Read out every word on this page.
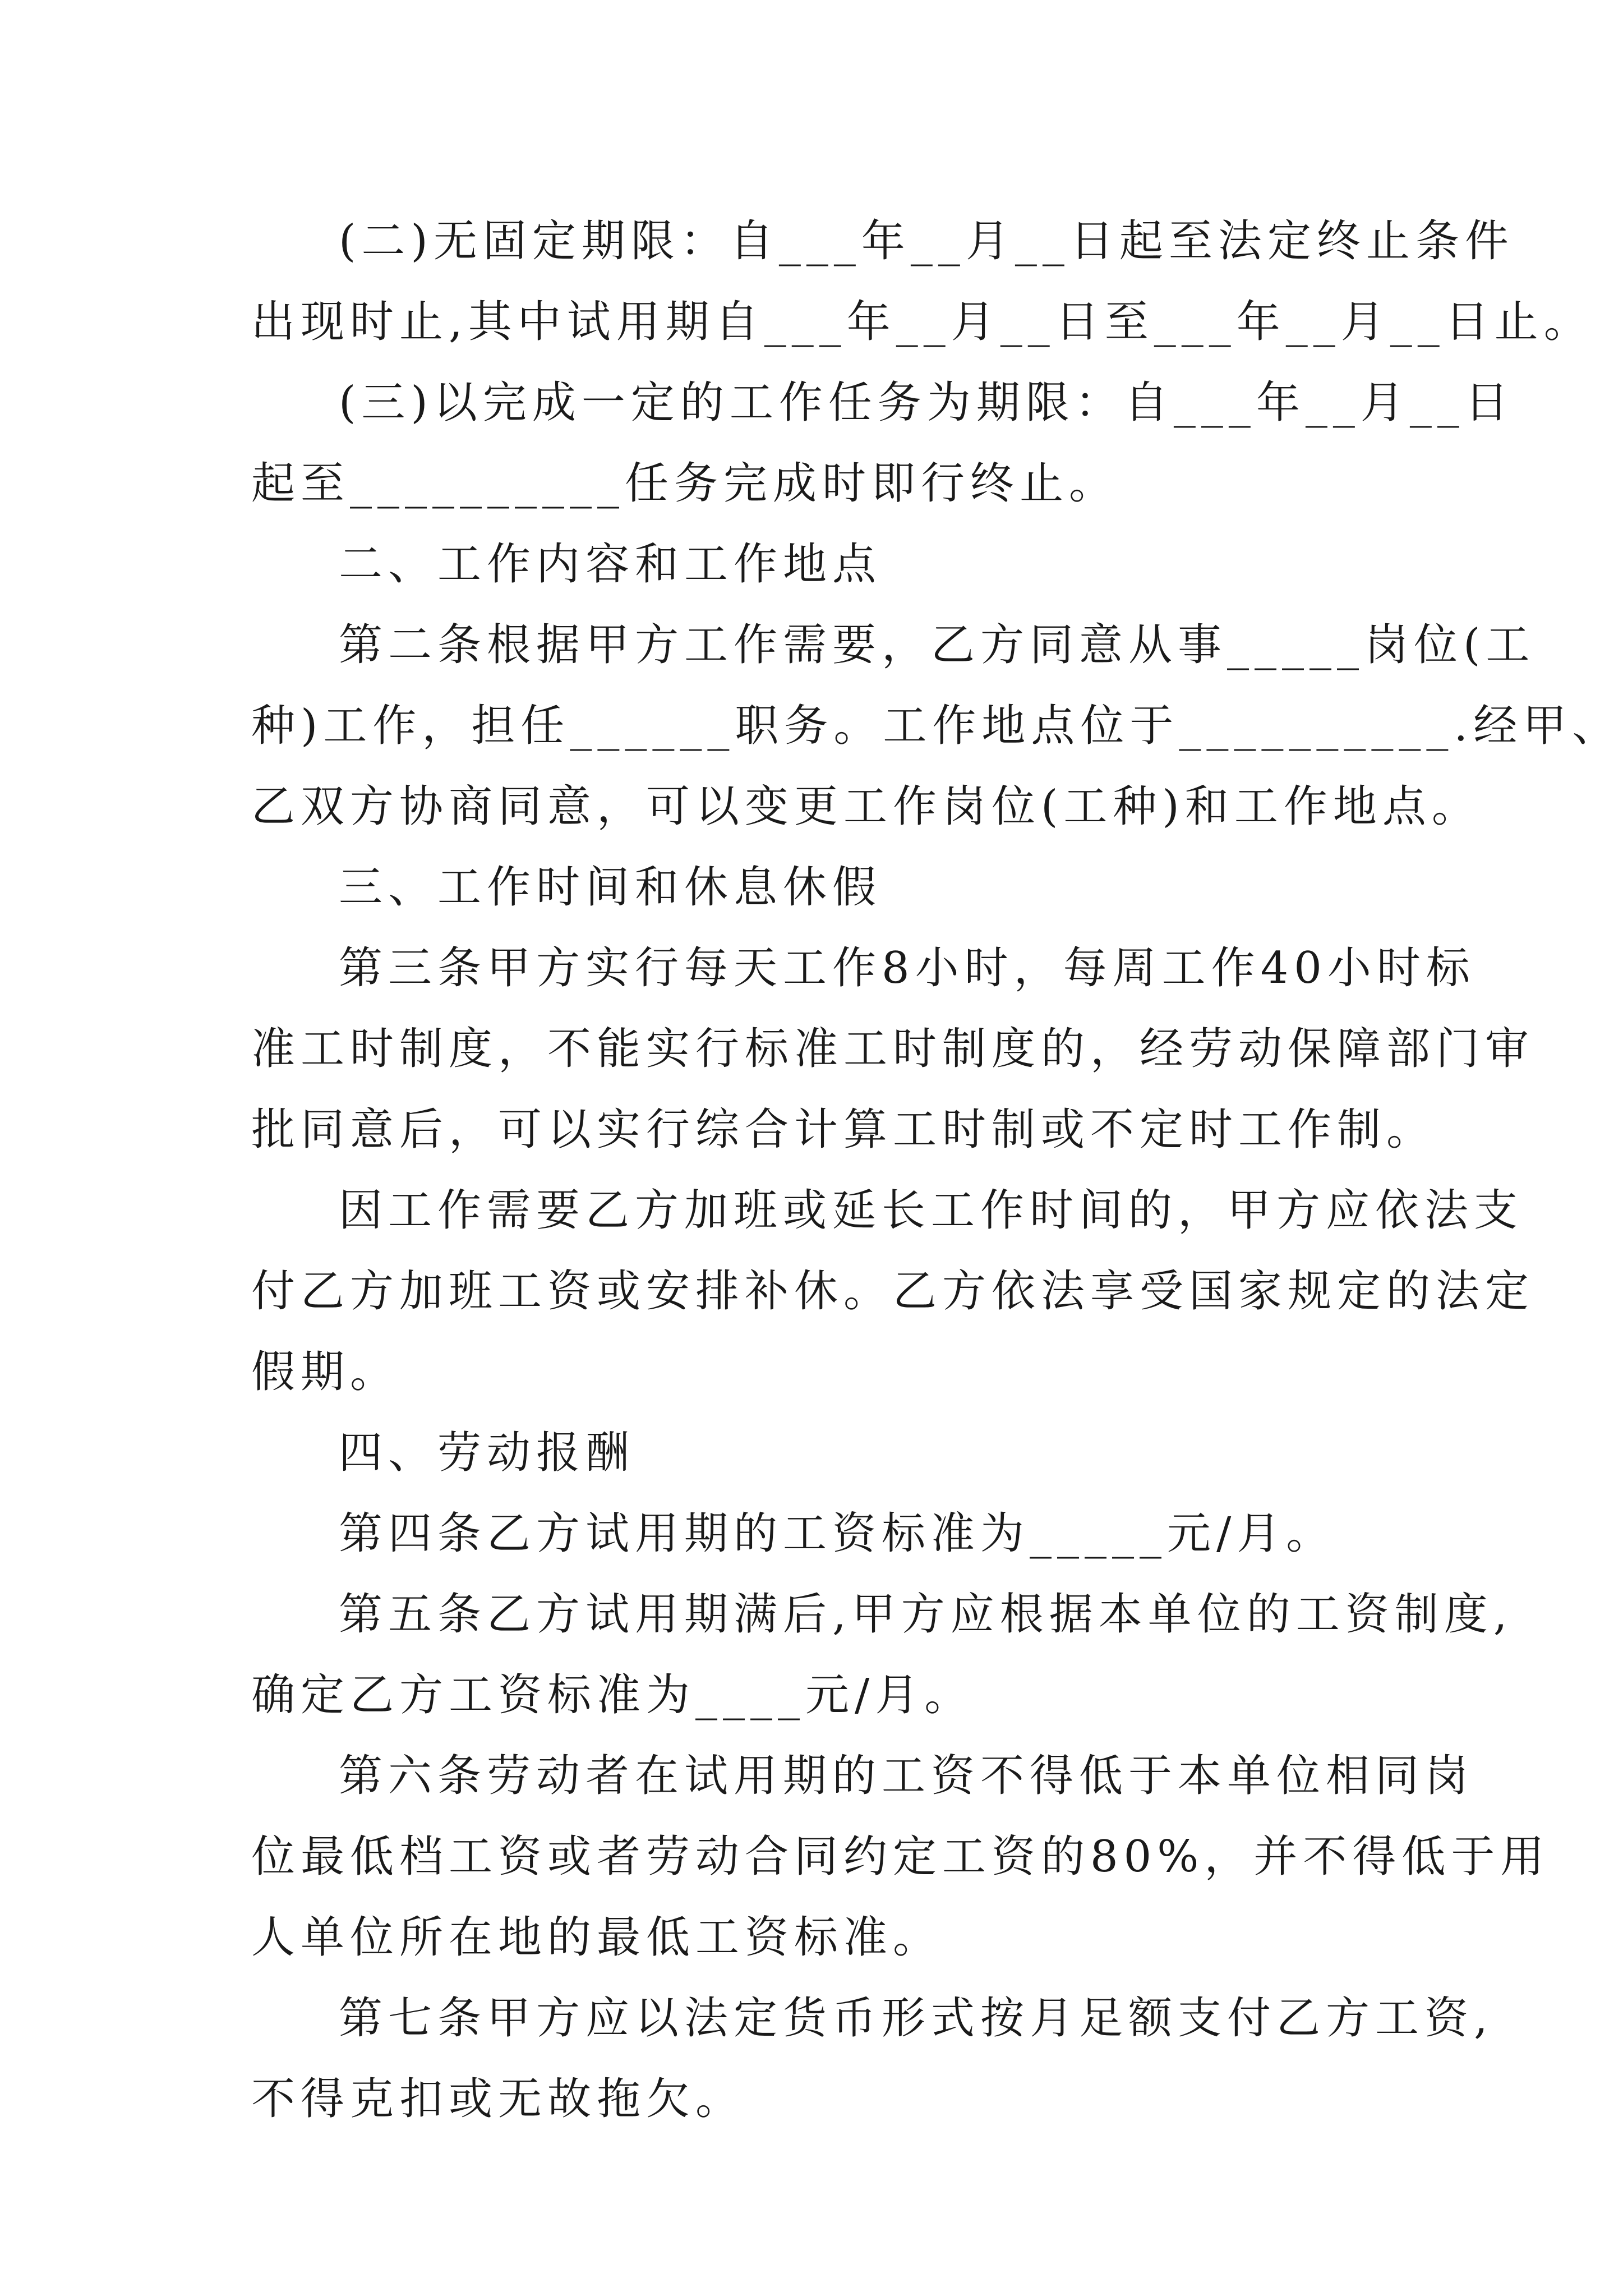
(二)无固定期限：自___年__月__日起至法定终止条件
出现时止,其中试用期自___年__月__日至___年__月__日止。
(三)以完成一定的工作任务为期限：自___年__月__日
起至__________任务完成时即行终止。
二、工作内容和工作地点
第二条根据甲方工作需要，乙方同意从事_____岗位(工
种)工作，担任______职务。工作地点位于__________.经甲、
乙双方协商同意，可以变更工作岗位(工种)和工作地点。
三、工作时间和休息休假
第三条甲方实行每天工作8小时，每周工作40小时标
准工时制度，不能实行标准工时制度的，经劳动保障部门审
批同意后，可以实行综合计算工时制或不定时工作制。
因工作需要乙方加班或延长工作时间的，甲方应依法支
付乙方加班工资或安排补休。乙方依法享受国家规定的法定
假期。
四、劳动报酬
第四条乙方试用期的工资标准为_____元/月。
第五条乙方试用期满后,甲方应根据本单位的工资制度,
确定乙方工资标准为____元/月。
第六条劳动者在试用期的工资不得低于本单位相同岗
位最低档工资或者劳动合同约定工资的80%，并不得低于用
人单位所在地的最低工资标准。
第七条甲方应以法定货币形式按月足额支付乙方工资,
不得克扣或无故拖欠。
